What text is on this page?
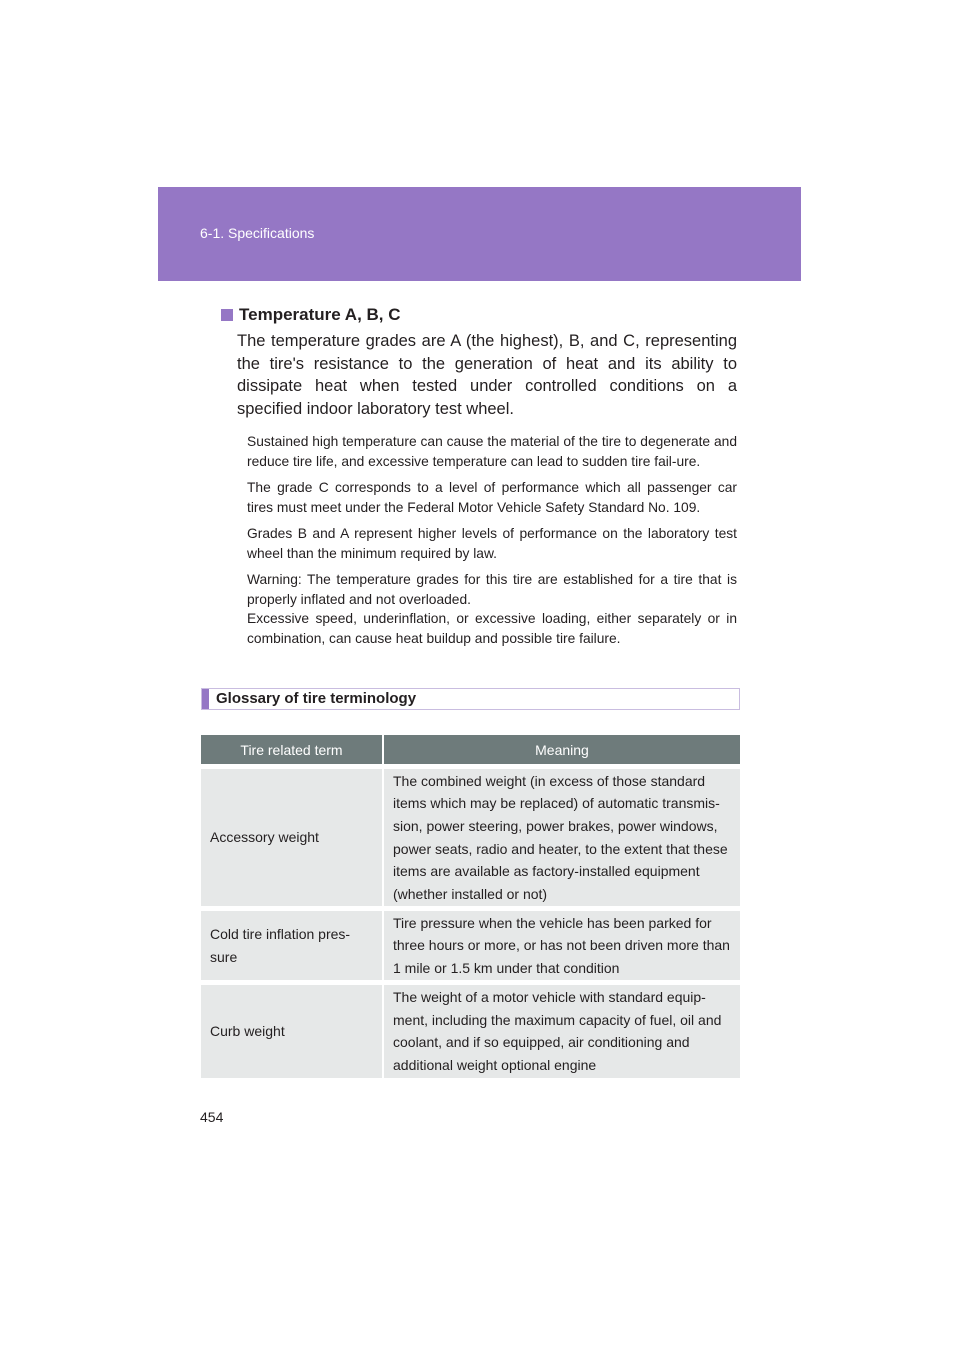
6-1. Specifications
Temperature A, B, C
The temperature grades are A (the highest), B, and C, representing the tire's resistance to the generation of heat and its ability to dissipate heat when tested under controlled conditions on a specified indoor laboratory test wheel.

Sustained high temperature can cause the material of the tire to degenerate and reduce tire life, and excessive temperature can lead to sudden tire fail-ure.

The grade C corresponds to a level of performance which all passenger car tires must meet under the Federal Motor Vehicle Safety Standard No. 109.

Grades B and A represent higher levels of performance on the laboratory test wheel than the minimum required by law.

Warning: The temperature grades for this tire are established for a tire that is properly inflated and not overloaded.
Excessive speed, underinflation, or excessive loading, either separately or in combination, can cause heat buildup and possible tire failure.

Glossary of tire terminology
Tire related term	Meaning
Accessory weight	The combined weight (in excess of those standard items which may be replaced) of automatic transmis-sion, power steering, power brakes, power windows, power seats, radio and heater, to the extent that these items are available as factory-installed equipment (whether installed or not)
Cold tire inflation pres-sure	Tire pressure when the vehicle has been parked for three hours or more, or has not been driven more than 1 mile or 1.5 km under that condition
Curb weight	The weight of a motor vehicle with standard equip-ment, including the maximum capacity of fuel, oil and coolant, and if so equipped, air conditioning and additional weight optional engine
454
